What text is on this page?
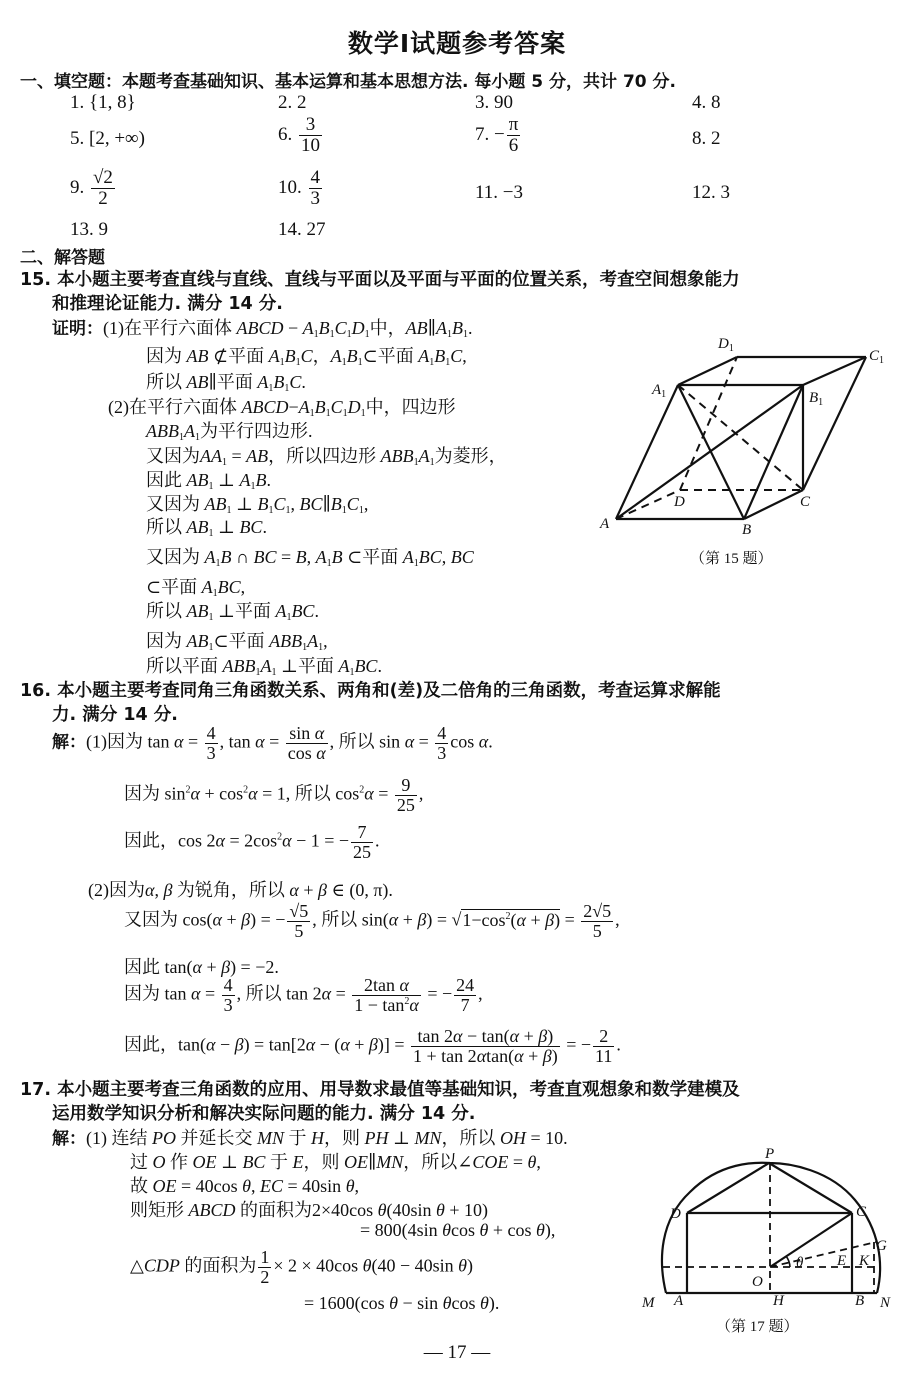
数学Ⅰ试题参考答案
一、填空题：本题考查基础知识、基本运算和基本思想方法. 每小题 5 分，共计 70 分.
1. {1, 8}	2. 2	3. 90	4. 8
5. [2, +∞)	6. $\frac{3}{10}$	7. − $\frac{\pi}{6}$	8. 2
9. $\frac{√2}{2}$	10. $\frac{4}{3}$	11. −3	12. 3
13. 9	14. 27
二、解答题
15. 本小题主要考查直线与直线、直线与平面以及平面与平面的位置关系，考查空间想象能力
和推理论证能力. 满分 14 分.
证明：(1)在平行六面体 ABCD − $A_1B_1C_1D_1$中，$AB\parallel A_1B_1$.
因为 AB ⊄平面 $A_1B_1C$，$A_1B_1\subset$平面 $A_1B_1C$,
所以 AB∥平面 $A_1B_1C$.
(2)在平行六面体 $ABCD-A_1B_1C_1D_1$中，四边形
$ABB_1A_1$为平行四边形.
又因为$AA_1$ = AB，所以四边形 $ABB_1A_1$为菱形，
因此 $AB_1$ ⊥ $A_1B$.
又因为 $AB_1$ ⊥ $B_1C_1$, $BC\parallel B_1C_1$,
所以 $AB_1$ ⊥ BC.
又因为 $A_1B$ ∩ BC = B, $A_1B$ ⊂平面 $A_1BC$, BC
⊂平面 $A_1BC$,
所以 $AB_1$ ⊥平面 $A_1BC$.
因为 $AB_1\subset$平面 $ABB_1A_1$,
所以平面 $ABB_1A_1$ ⊥平面 $A_1BC$.
A	B
C
D
$A_1$	$B_1$
$C_1$
$D_1$
（第 15 题）
16. 本小题主要考查同角三角函数关系、两角和(差)及二倍角的三角函数，考查运算求解能
力. 满分 14 分.
解：(1)因为 $\tan \alpha = \frac{4}{3}$ , $\tan \alpha = \frac{\text{sin α}}{\text{cos α}}$ , 所以 $\sin \alpha = \frac{4}{3}$ cos α.
因为 $\sin^2\alpha + \cos^2\alpha = 1$, 所以 $\cos^2\alpha = \frac{9}{25}$ ,
因此，$\cos 2\alpha = 2\cos^2\alpha - 1$ = − $\frac{7}{25}$ .
(2)因为α, β 为锐角，所以 α + β ∈ (0, π).
又因为 cos(α + β) = − $\frac{√5}{5}$ , 所以 $\sin(\alpha + \beta) = √1-\cos^2(\alpha + \beta) = \frac{2√5}{5}$ ,
因此 tan(α + β) = −2.
因为 $\tan \alpha = \frac{4}{3}$ , 所以 $\tan 2\alpha = \frac{\text{2tan α}}{1 - \tan^2\alpha}$ = − $\frac{24}{7}$ ,
因此，$\tan(\alpha - \beta) = \tan[2\alpha - (\alpha + \beta)] = \frac{\tan 2\alpha - \tan(\alpha + \beta)}{1 + \tan 2\alpha\tan(\alpha + \beta)}$ = − $\frac{2}{11}$ .
17. 本小题主要考查三角函数的应用、用导数求最值等基础知识，考查直观想象和数学建模及
运用数学知识分析和解决实际问题的能力. 满分 14 分.
解：(1) 连结 PO 并延长交 MN 于 H，则 PH ⊥ MN，所以 OH = 10.
过 O 作 OE ⊥ BC 于 E，则 OE∥MN，所以∠COE = θ,
故 OE = 40cos θ, EC = 40sin θ,
则矩形 ABCD 的面积为2×40cos θ(40sin θ + 10)
= 800(4sin θcos θ + cos θ),
△CDP 的面积为 $\frac{1}{2} \times 2 \times 40\cos$ θ(40 − 40sin θ)
= 1600(cos θ − sin θcos θ).
P
D	C
G
E K
O
H
A	B
M	N
θ
（第 17 题）
— 17 —
